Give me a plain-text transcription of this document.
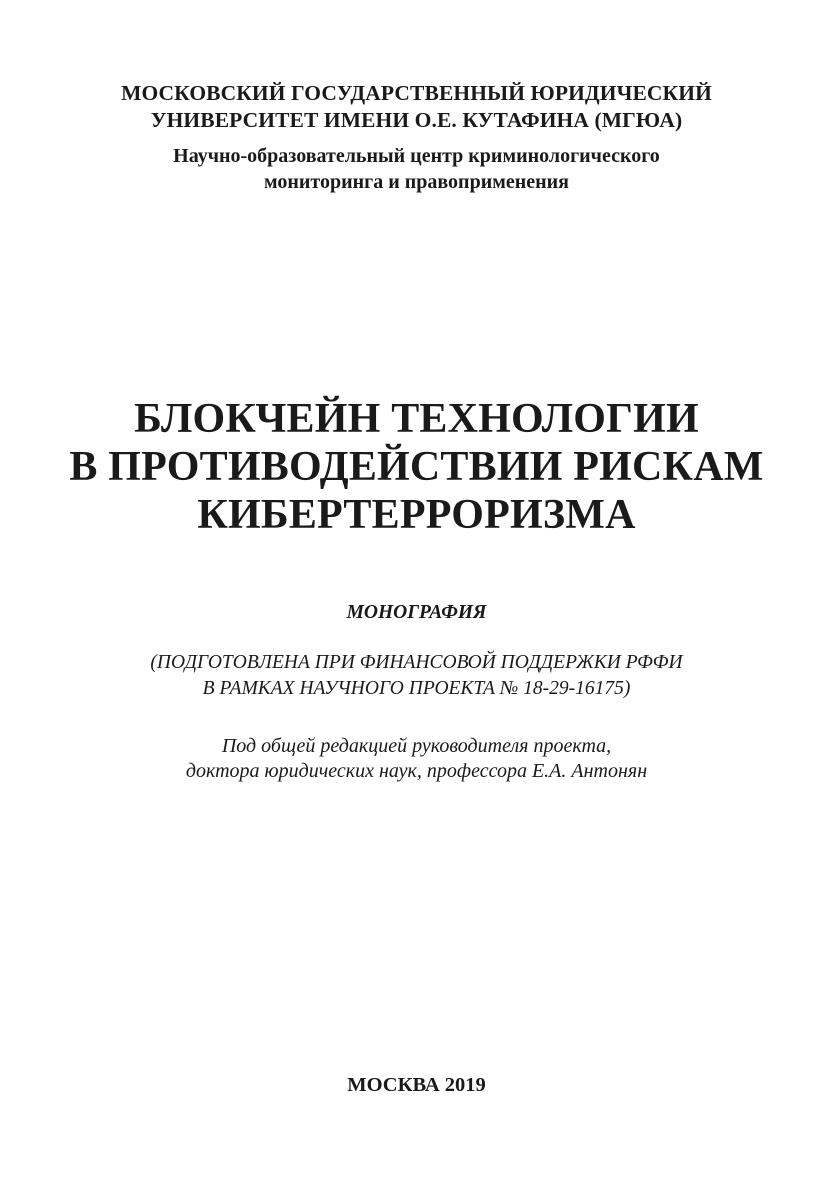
МОСКОВСКИЙ ГОСУДАРСТВЕННЫЙ ЮРИДИЧЕСКИЙ
УНИВЕРСИТЕТ ИМЕНИ О.Е. КУТАФИНА (МГЮА)
Научно-образовательный центр криминологического
мониторинга и правоприменения
БЛОКЧЕЙН ТЕХНОЛОГИИ
В ПРОТИВОДЕЙСТВИИ РИСКАМ
КИБЕРТЕРРОРИЗМА
МОНОГРАФИЯ
(ПОДГОТОВЛЕНА ПРИ ФИНАНСОВОЙ ПОДДЕРЖКИ РФФИ
В РАМКАХ НАУЧНОГО ПРОЕКТА № 18-29-16175)
Под общей редакцией руководителя проекта,
доктора юридических наук, профессора Е.А. Антонян
МОСКВА 2019
